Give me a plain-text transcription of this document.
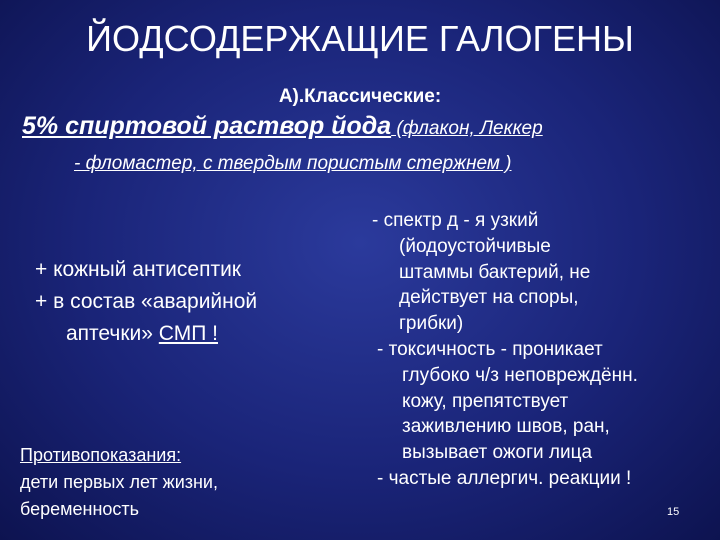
ЙОДСОДЕРЖАЩИЕ ГАЛОГЕНЫ
А).Классические:
5% спиртовой раствор йода (флакон, Леккер
- фломастер, с твердым пористым стержнем )
+ кожный антисептик
+ в состав «аварийной
аптечки» СМП !
Противопоказания:
дети первых лет жизни,
беременность
- спектр д - я узкий
(йодоустойчивые
штаммы бактерий, не
действует на споры,
грибки)
- токсичность - проникает
глубоко ч/з неповреждённ.
кожу, препятствует
заживлению швов, ран,
вызывает ожоги лица
- частые аллергич. реакции !
15
